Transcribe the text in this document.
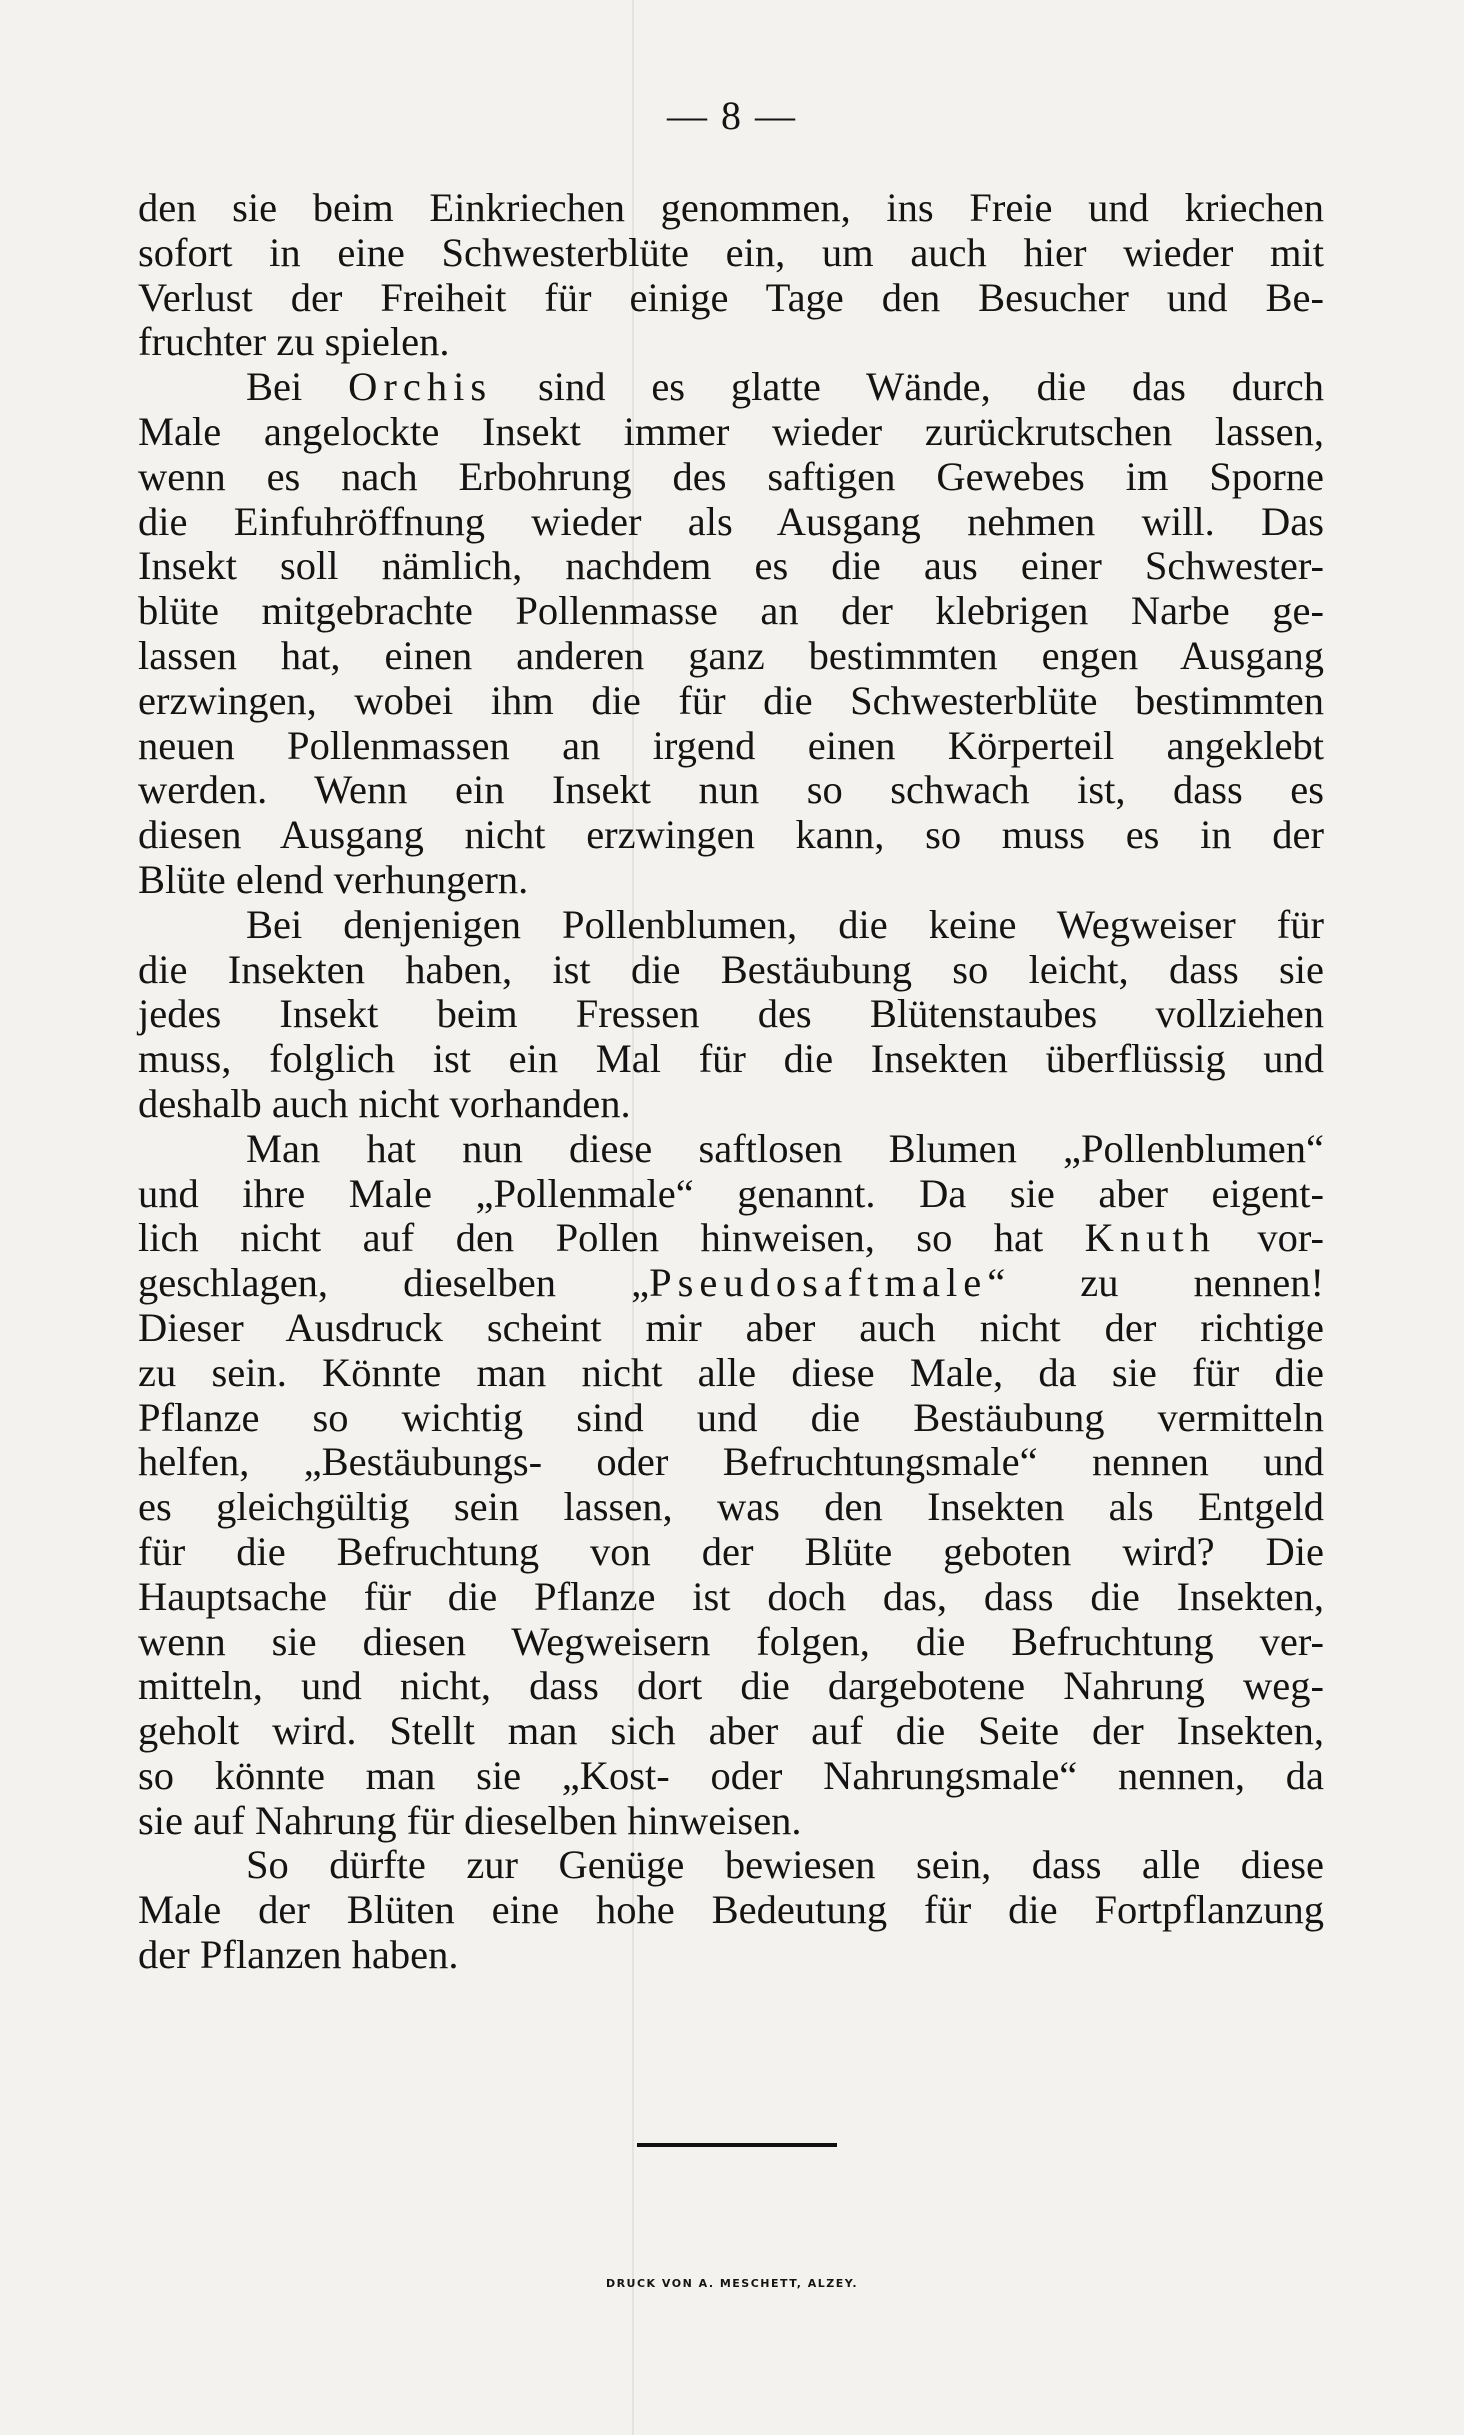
— 8 —

den sie beim Einkriechen genommen, ins Freie und kriechen
sofort in eine Schwesterblüte ein, um auch hier wieder mit
Verlust der Freiheit für einige Tage den Besucher und Be-
fruchter zu spielen.

Bei Orchis sind es glatte Wände, die das durch
Male angelockte Insekt immer wieder zurückrutschen lassen,
wenn es nach Erbohrung des saftigen Gewebes im Sporne
die Einfuhröffnung wieder als Ausgang nehmen will. Das
Insekt soll nämlich, nachdem es die aus einer Schwester-
blüte mitgebrachte Pollenmasse an der klebrigen Narbe ge-
lassen hat, einen anderen ganz bestimmten engen Ausgang
erzwingen, wobei ihm die für die Schwesterblüte bestimmten
neuen Pollenmassen an irgend einen Körperteil angeklebt
werden. Wenn ein Insekt nun so schwach ist, dass es
diesen Ausgang nicht erzwingen kann, so muss es in der
Blüte elend verhungern.

Bei denjenigen Pollenblumen, die keine Wegweiser für
die Insekten haben, ist die Bestäubung so leicht, dass sie
jedes Insekt beim Fressen des Blütenstaubes vollziehen
muss, folglich ist ein Mal für die Insekten überflüssig und
deshalb auch nicht vorhanden.

Man hat nun diese saftlosen Blumen „Pollenblumen“
und ihre Male „Pollenmale“ genannt. Da sie aber eigent-
lich nicht auf den Pollen hinweisen, so hat Knuth vor-
geschlagen, dieselben „Pseudosaftmale“ zu nennen!
Dieser Ausdruck scheint mir aber auch nicht der richtige
zu sein. Könnte man nicht alle diese Male, da sie für die
Pflanze so wichtig sind und die Bestäubung vermitteln
helfen, „Bestäubungs- oder Befruchtungsmale“ nennen und
es gleichgültig sein lassen, was den Insekten als Entgeld
für die Befruchtung von der Blüte geboten wird? Die
Hauptsache für die Pflanze ist doch das, dass die Insekten,
wenn sie diesen Wegweisern folgen, die Befruchtung ver-
mitteln, und nicht, dass dort die dargebotene Nahrung weg-
geholt wird. Stellt man sich aber auf die Seite der Insekten,
so könnte man sie „Kost- oder Nahrungsmale“ nennen, da
sie auf Nahrung für dieselben hinweisen.

So dürfte zur Genüge bewiesen sein, dass alle diese
Male der Blüten eine hohe Bedeutung für die Fortpflanzung
der Pflanzen haben.

DRUCK VON A. MESCHETT, ALZEY.
